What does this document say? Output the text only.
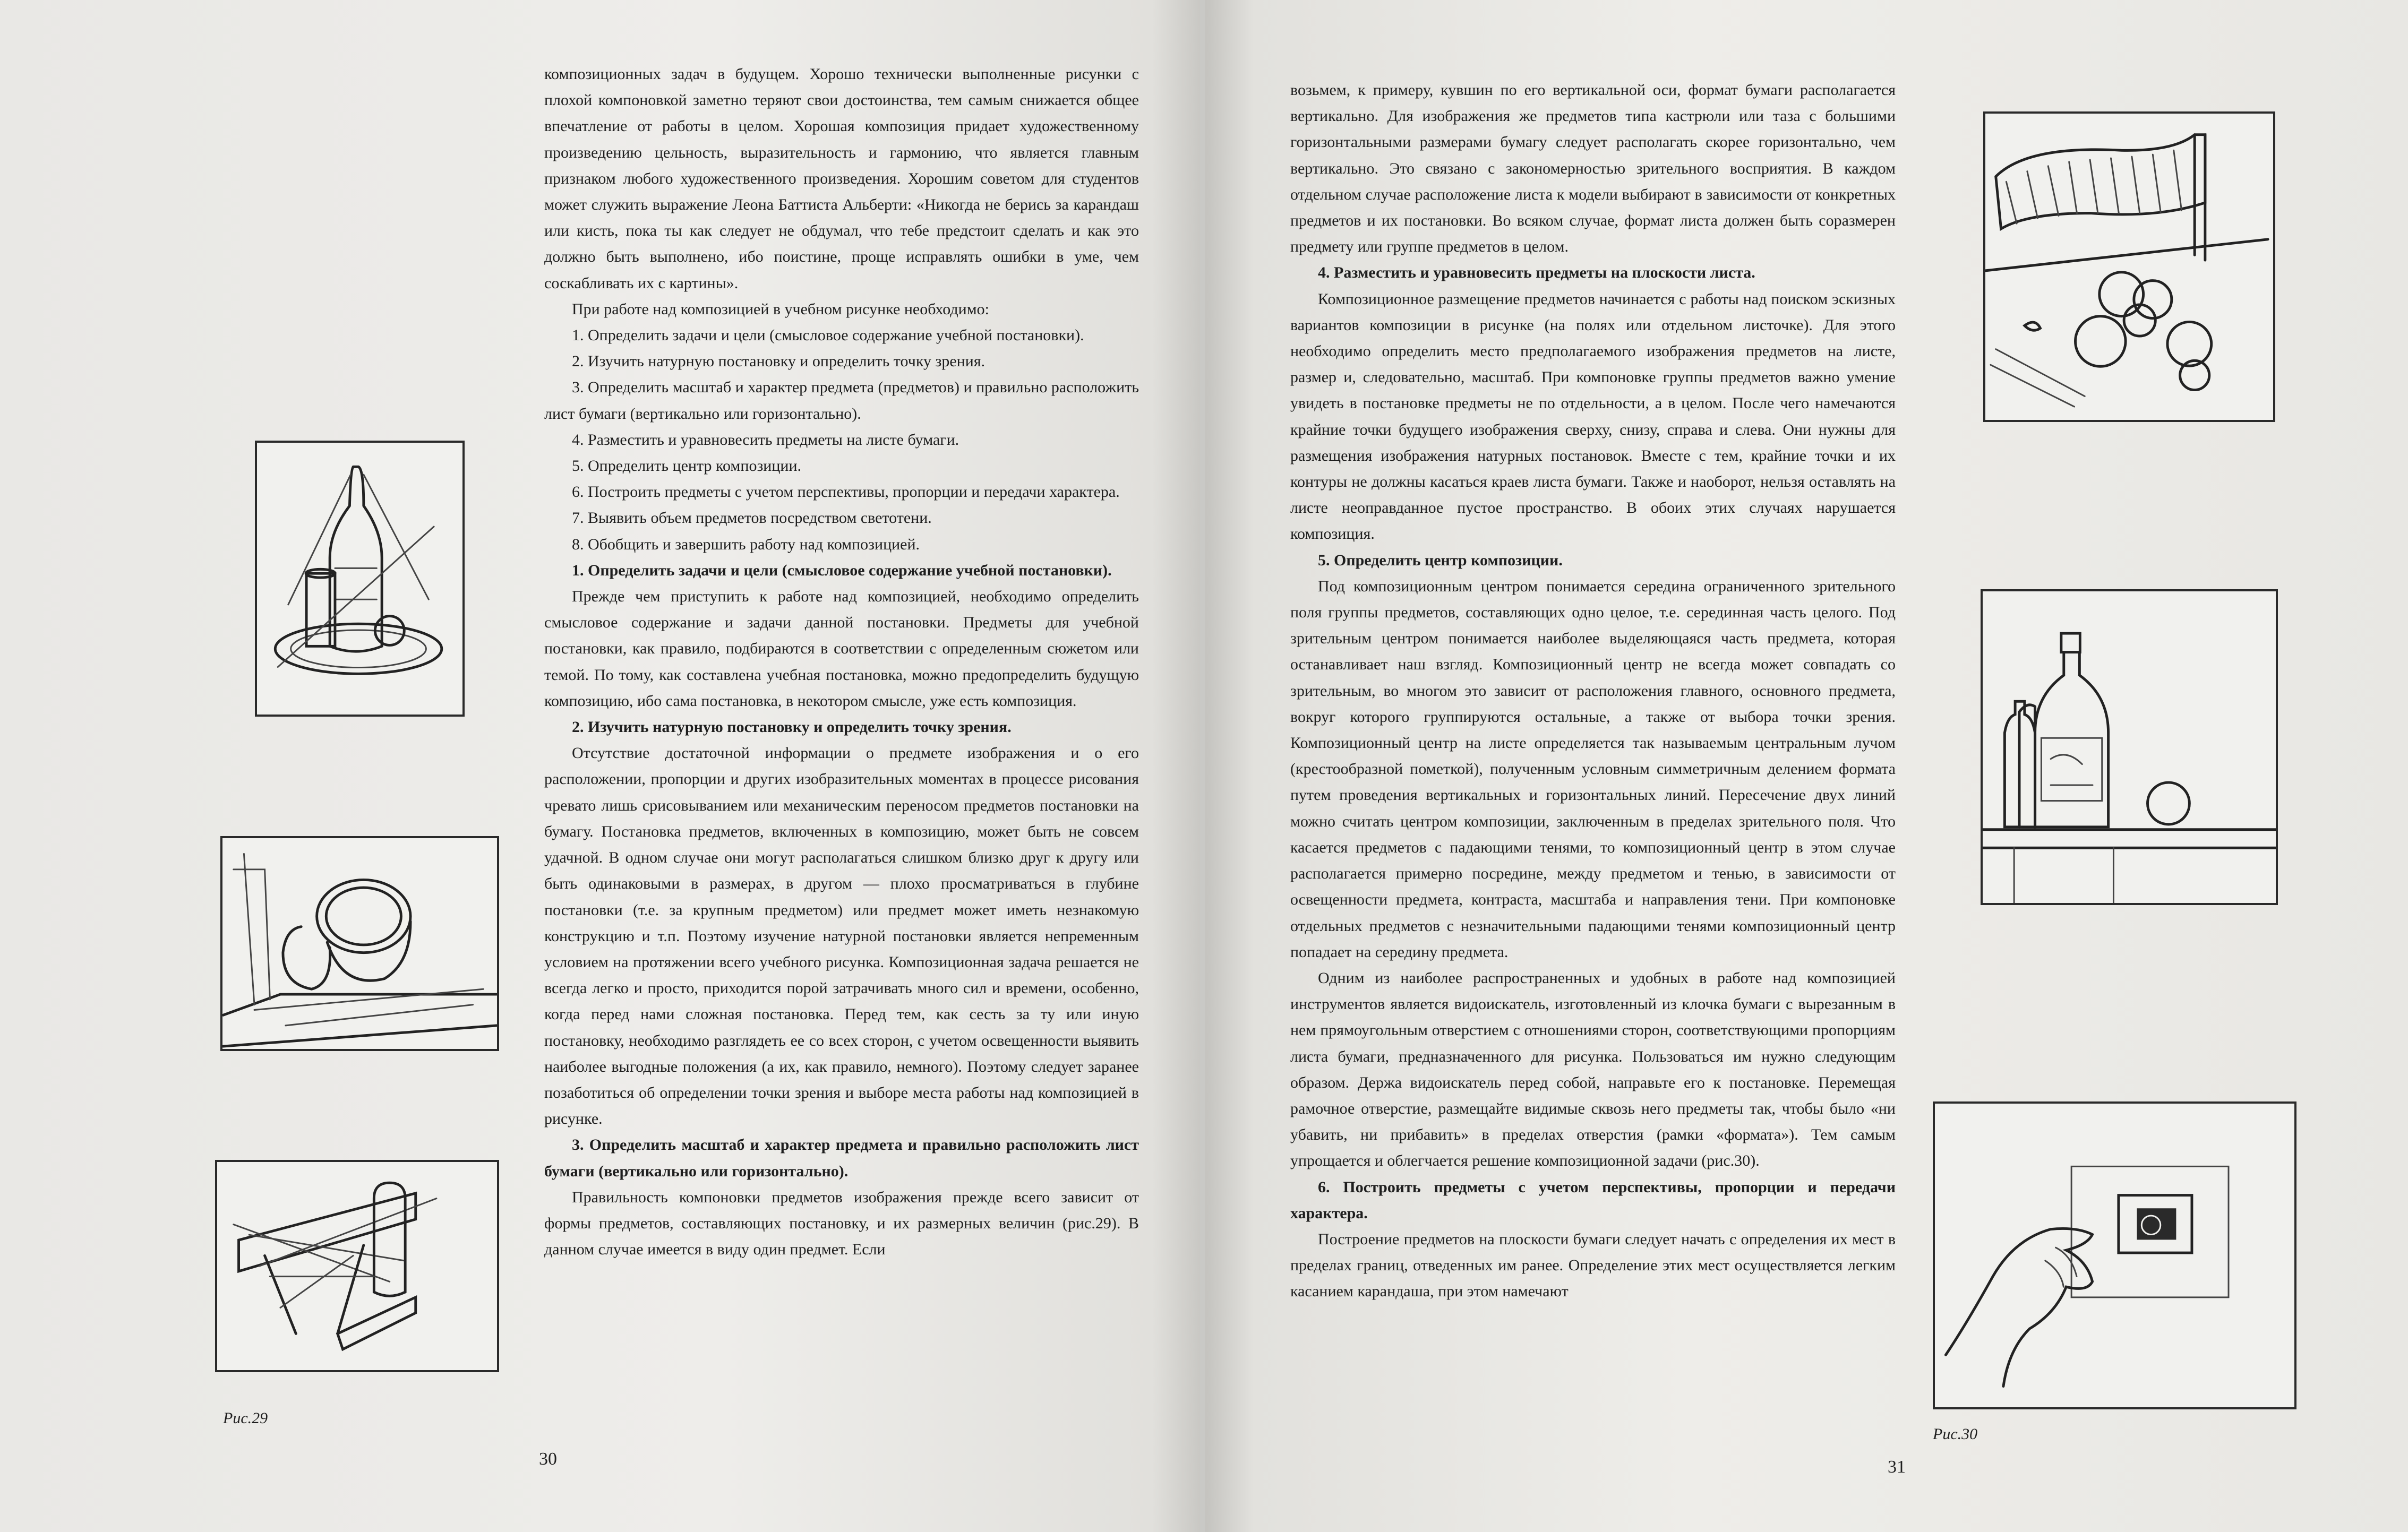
композиционных задач в будущем. Хорошо технически выполненные рисунки с плохой компоновкой заметно теряют свои достоинства, тем самым снижается общее впечатление от работы в целом. Хорошая композиция придает художественному произведению цельность, выразительность и гармонию, что является главным признаком любого художественного произведения. Хорошим советом для студентов может служить выражение Леона Баттиста Альберти: «Никогда не берись за карандаш или кисть, пока ты как следует не обдумал, что тебе предстоит сделать и как это должно быть выполнено, ибо поистине, проще исправлять ошибки в уме, чем соскабливать их с картины».

При работе над композицией в учебном рисунке необходимо:

1. Определить задачи и цели (смысловое содержание учебной постановки).

2. Изучить натурную постановку и определить точку зрения.

3. Определить масштаб и характер предмета (предметов) и правильно расположить лист бумаги (вертикально или горизонтально).

4. Разместить и уравновесить предметы на листе бумаги.

5. Определить центр композиции.

6. Построить предметы с учетом перспективы, пропорции и передачи характера.

7. Выявить объем предметов посредством светотени.

8. Обобщить и завершить работу над композицией.

1. Определить задачи и цели (смысловое содержание учебной постановки).

Прежде чем приступить к работе над композицией, необходимо определить смысловое содержание и задачи данной постановки. Предметы для учебной постановки, как правило, подбираются в соответствии с определенным сюжетом или темой. По тому, как составлена учебная постановка, можно предопределить будущую композицию, ибо сама постановка, в некотором смысле, уже есть композиция.

2. Изучить натурную постановку и определить точку зрения.

Отсутствие достаточной информации о предмете изображения и о его расположении, пропорции и других изобразительных моментах в процессе рисования чревато лишь срисовыванием или механическим переносом предметов постановки на бумагу. Постановка предметов, включенных в композицию, может быть не совсем удачной. В одном случае они могут располагаться слишком близко друг к другу или быть одинаковыми в размерах, в другом — плохо просматриваться в глубине постановки (т.е. за крупным предметом) или предмет может иметь незнакомую конструкцию и т.п. Поэтому изучение натурной постановки является непременным условием на протяжении всего учебного рисунка. Композиционная задача решается не всегда легко и просто, приходится порой затрачивать много сил и времени, особенно, когда перед нами сложная постановка. Перед тем, как сесть за ту или иную постановку, необходимо разглядеть ее со всех сторон, с учетом освещенности выявить наиболее выгодные положения (а их, как правило, немного). Поэтому следует заранее позаботиться об определении точки зрения и выборе места работы над композицией в рисунке.

3. Определить масштаб и характер предмета и правильно расположить лист бумаги (вертикально или горизонтально).

Правильность компоновки предметов изображения прежде всего зависит от формы предметов, составляющих постановку, и их размерных величин (рис.29). В данном случае имеется в виду один предмет. Если

возьмем, к примеру, кувшин по его вертикальной оси, формат бумаги располагается вертикально. Для изображения же предметов типа кастрюли или таза с большими горизонтальными размерами бумагу следует располагать скорее горизонтально, чем вертикально. Это связано с закономерностью зрительного восприятия. В каждом отдельном случае расположение листа к модели выбирают в зависимости от конкретных предметов и их постановки. Во всяком случае, формат листа должен быть соразмерен предмету или группе предметов в целом.

4. Разместить и уравновесить предметы на плоскости листа.

Композиционное размещение предметов начинается с работы над поиском эскизных вариантов композиции в рисунке (на полях или отдельном листочке). Для этого необходимо определить место предполагаемого изображения предметов на листе, размер и, следовательно, масштаб. При компоновке группы предметов важно умение увидеть в постановке предметы не по отдельности, а в целом. После чего намечаются крайние точки будущего изображения сверху, снизу, справа и слева. Они нужны для размещения изображения натурных постановок. Вместе с тем, крайние точки и их контуры не должны касаться краев листа бумаги. Также и наоборот, нельзя оставлять на листе неоправданное пустое пространство. В обоих этих случаях нарушается композиция.

5. Определить центр композиции.

Под композиционным центром понимается середина ограниченного зрительного поля группы предметов, составляющих одно целое, т.е. серединная часть целого. Под зрительным центром понимается наиболее выделяющаяся часть предмета, которая останавливает наш взгляд. Композиционный центр не всегда может совпадать со зрительным, во многом это зависит от расположения главного, основного предмета, вокруг которого группируются остальные, а также от выбора точки зрения. Композиционный центр на листе определяется так называемым центральным лучом (крестообразной пометкой), полученным условным симметричным делением формата путем проведения вертикальных и горизонтальных линий. Пересечение двух линий можно считать центром композиции, заключенным в пределах зрительного поля. Что касается предметов с падающими тенями, то композиционный центр в этом случае располагается примерно посредине, между предметом и тенью, в зависимости от освещенности предмета, контраста, масштаба и направления тени. При компоновке отдельных предметов с незначительными падающими тенями композиционный центр попадает на середину предмета.

Одним из наиболее распространенных и удобных в работе над композицией инструментов является видоискатель, изготовленный из клочка бумаги с вырезанным в нем прямоугольным отверстием с отношениями сторон, соответствующими пропорциям листа бумаги, предназначенного для рисунка. Пользоваться им нужно следующим образом. Держа видоискатель перед собой, направьте его к постановке. Перемещая рамочное отверстие, размещайте видимые сквозь него предметы так, чтобы было «ни убавить, ни прибавить» в пределах отверстия (рамки «формата»). Тем самым упрощается и облегчается решение композиционной задачи (рис.30).

6. Построить предметы с учетом перспективы, пропорции и передачи характера.

Построение предметов на плоскости бумаги следует начать с определения их мест в пределах границ, отведенных им ранее. Определение этих мест осуществляется легким касанием карандаша, при этом намечают

Рис.29
30
Рис.30
31
